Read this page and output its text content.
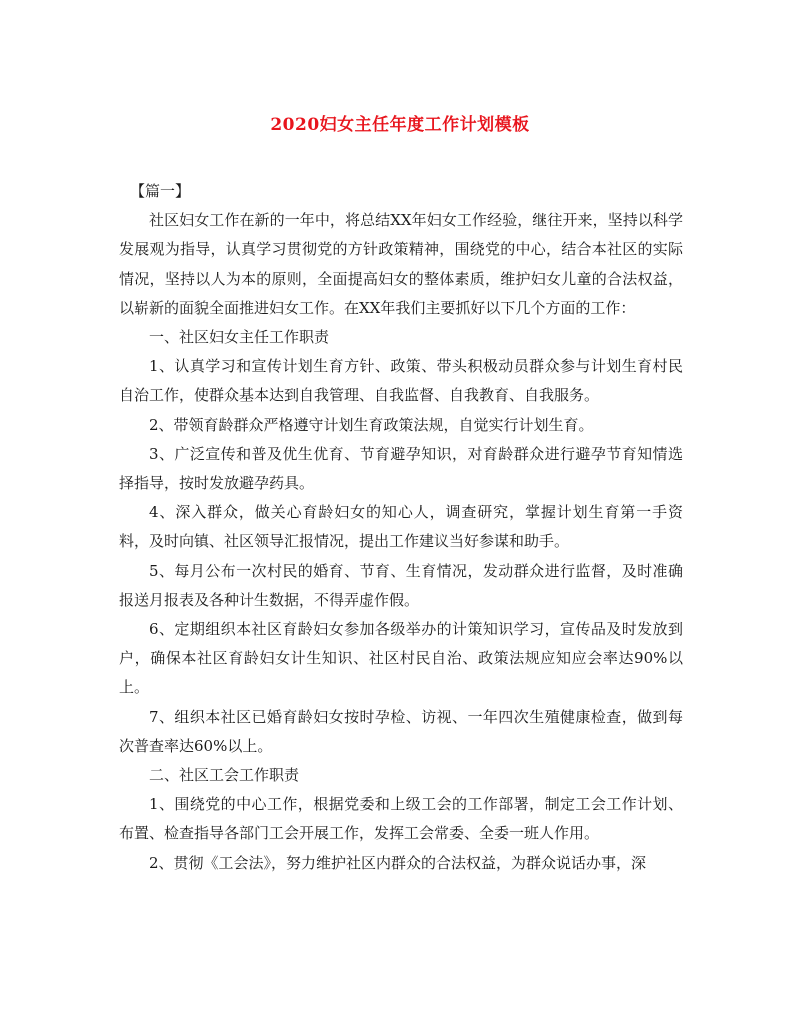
2020妇女主任年度工作计划模板

【篇一】

社区妇女工作在新的一年中，将总结XX年妇女工作经验，继往开来，坚持以科学发展观为指导，认真学习贯彻党的方针政策精神，围绕党的中心，结合本社区的实际情况，坚持以人为本的原则，全面提高妇女的整体素质，维护妇女儿童的合法权益，以崭新的面貌全面推进妇女工作。在XX年我们主要抓好以下几个方面的工作：

一、社区妇女主任工作职责

1、认真学习和宣传计划生育方针、政策、带头积极动员群众参与计划生育村民自治工作，使群众基本达到自我管理、自我监督、自我教育、自我服务。

2、带领育龄群众严格遵守计划生育政策法规，自觉实行计划生育。

3、广泛宣传和普及优生优育、节育避孕知识，对育龄群众进行避孕节育知情选择指导，按时发放避孕药具。

4、深入群众，做关心育龄妇女的知心人，调查研究，掌握计划生育第一手资料，及时向镇、社区领导汇报情况，提出工作建议当好参谋和助手。

5、每月公布一次村民的婚育、节育、生育情况，发动群众进行监督，及时准确报送月报表及各种计生数据，不得弄虚作假。

6、定期组织本社区育龄妇女参加各级举办的计策知识学习，宣传品及时发放到户，确保本社区育龄妇女计生知识、社区村民自治、政策法规应知应会率达90%以上。

7、组织本社区已婚育龄妇女按时孕检、访视、一年四次生殖健康检查，做到每次普查率达60%以上。

二、社区工会工作职责

1、围绕党的中心工作，根据党委和上级工会的工作部署，制定工会工作计划、布置、检查指导各部门工会开展工作，发挥工会常委、全委一班人作用。

2、贯彻《工会法》，努力维护社区内群众的合法权益，为群众说话办事，深
